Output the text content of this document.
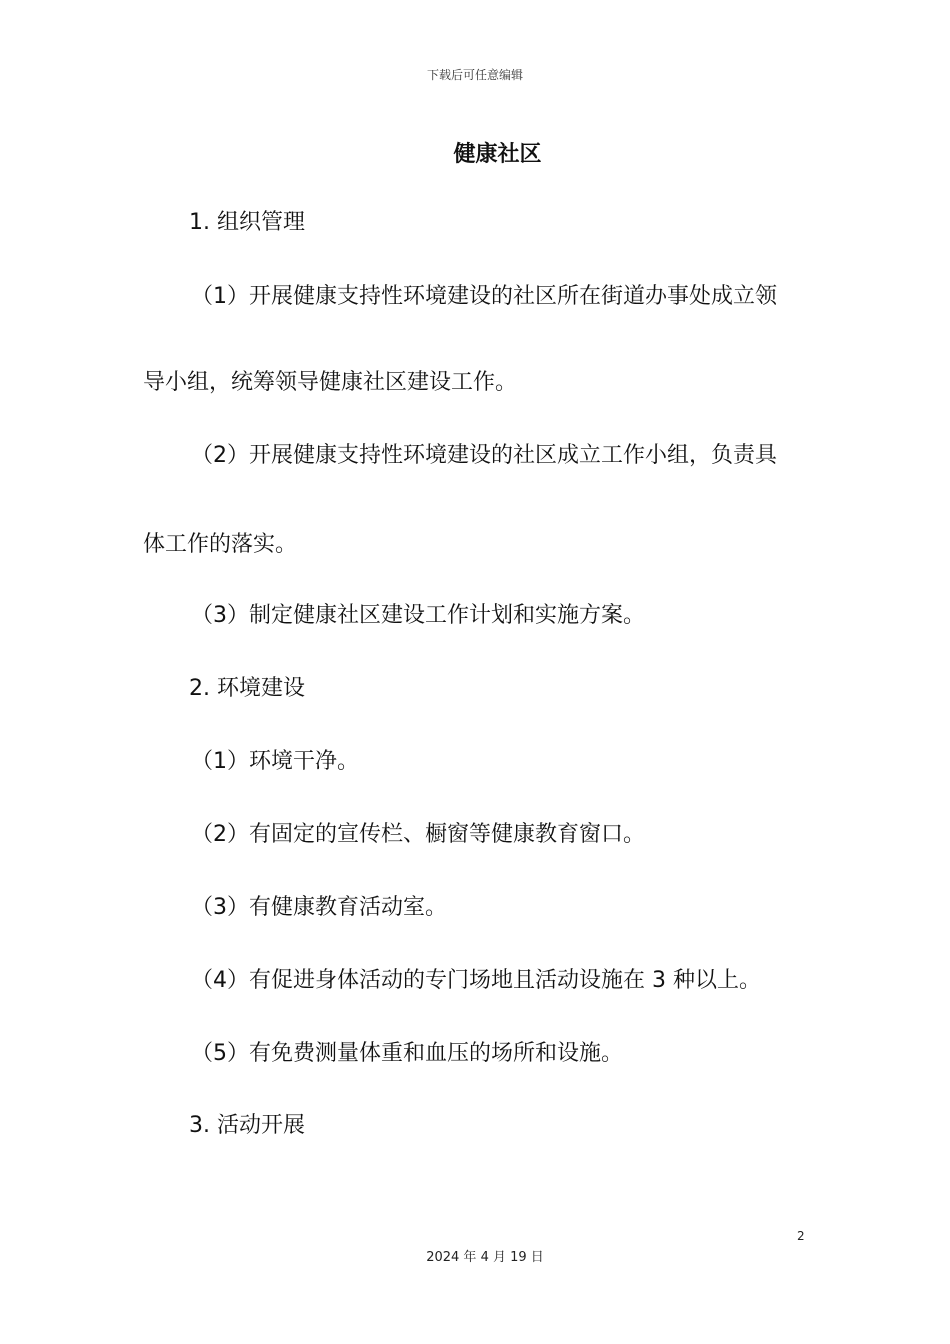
下载后可任意编辑
健康社区
1. 组织管理
（1）开展健康支持性环境建设的社区所在街道办事处成立领
导小组，统筹领导健康社区建设工作。
（2）开展健康支持性环境建设的社区成立工作小组，负责具
体工作的落实。
（3）制定健康社区建设工作计划和实施方案。
2. 环境建设
（1）环境干净。
（2）有固定的宣传栏、橱窗等健康教育窗口。
（3）有健康教育活动室。
（4）有促进身体活动的专门场地且活动设施在 3 种以上。
（5）有免费测量体重和血压的场所和设施。
3. 活动开展
2
2024 年 4 月 19 日
